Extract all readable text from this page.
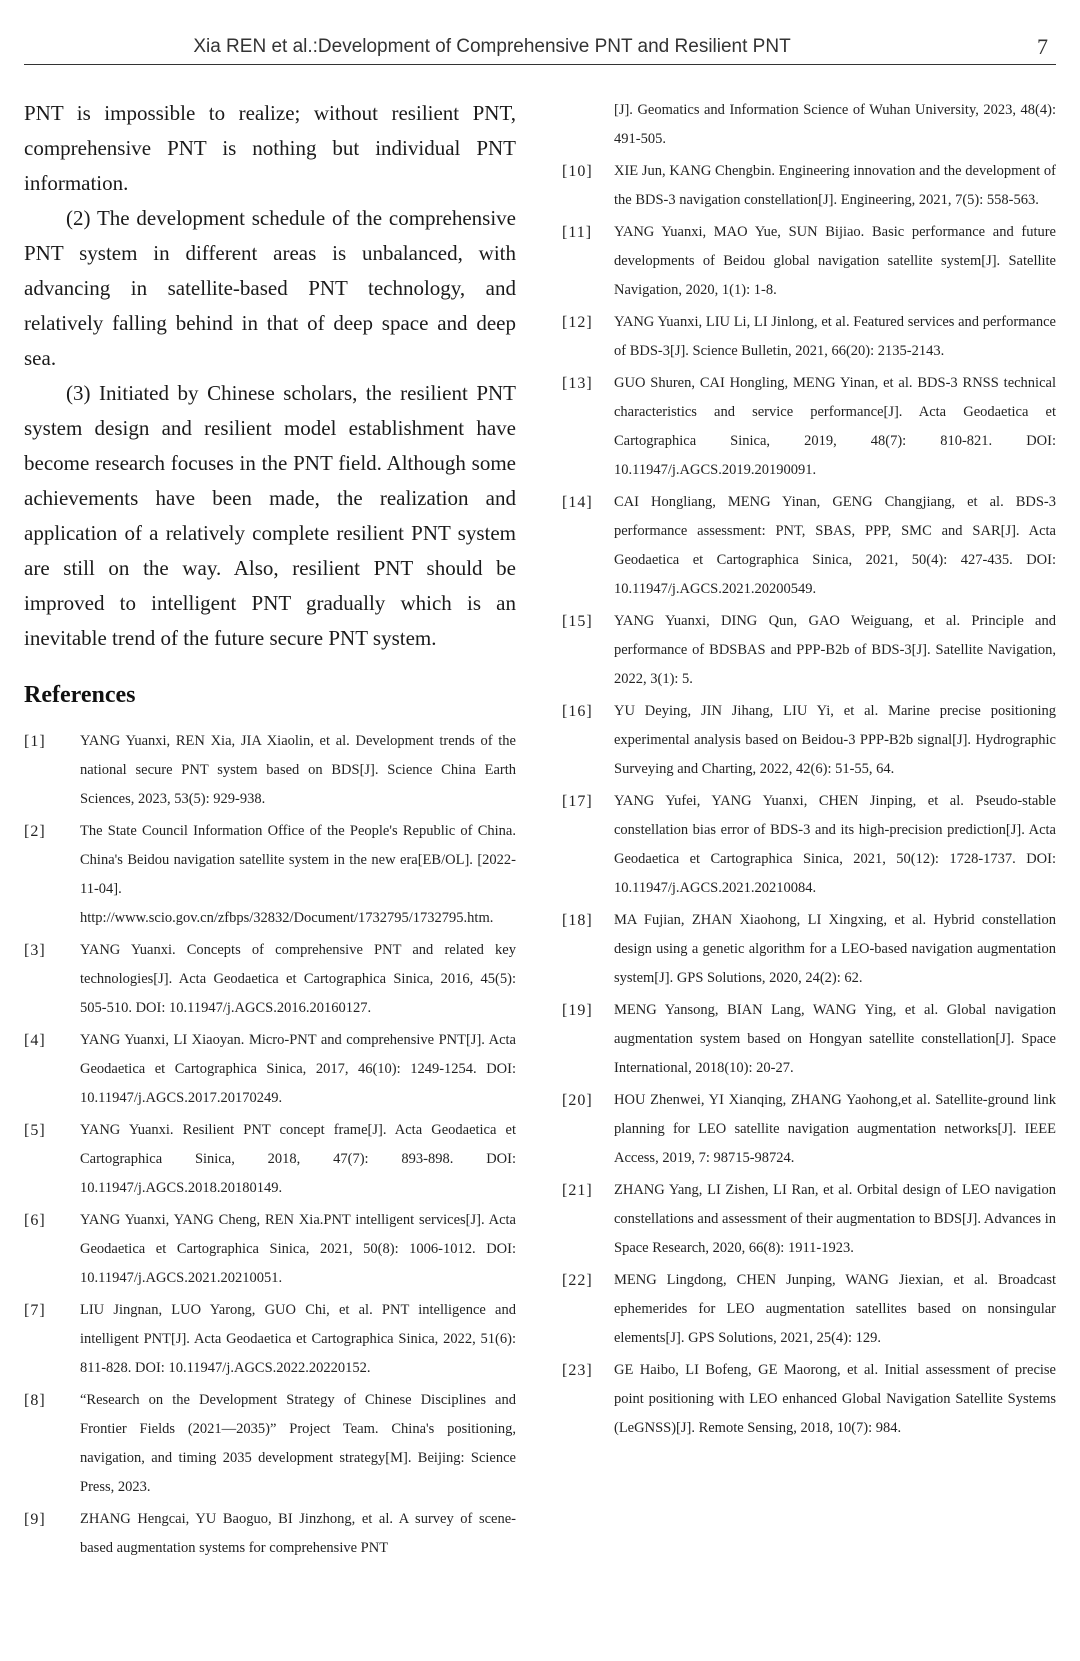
Xia REN et al.:Development of Comprehensive PNT and Resilient PNT	7

PNT is impossible to realize; without resilient PNT, comprehensive PNT is nothing but individual PNT information.

(2) The development schedule of the comprehensive PNT system in different areas is unbalanced, with advancing in satellite-based PNT technology, and relatively falling behind in that of deep space and deep sea.

(3) Initiated by Chinese scholars, the resilient PNT system design and resilient model establishment have become research focuses in the PNT field. Although some achievements have been made, the realization and application of a relatively complete resilient PNT system are still on the way. Also, resilient PNT should be improved to intelligent PNT gradually which is an inevitable trend of the future secure PNT system.

References
[1]	YANG Yuanxi, REN Xia, JIA Xiaolin, et al. Development trends of the national secure PNT system based on BDS[J]. Science China Earth Sciences, 2023, 53(5): 929-938.
[2]	The State Council Information Office of the People's Republic of China. China's Beidou navigation satellite system in the new era[EB/OL]. [2022-11-04]. http://www.scio.gov.cn/zfbps/32832/Document/1732795/1732795.htm.
[3]	YANG Yuanxi. Concepts of comprehensive PNT and related key technologies[J]. Acta Geodaetica et Cartographica Sinica, 2016, 45(5): 505-510. DOI: 10.11947/j.AGCS.2016.20160127.
[4]	YANG Yuanxi, LI Xiaoyan. Micro-PNT and comprehensive PNT[J]. Acta Geodaetica et Cartographica Sinica, 2017, 46(10): 1249-1254. DOI: 10.11947/j.AGCS.2017.20170249.
[5]	YANG Yuanxi. Resilient PNT concept frame[J]. Acta Geodaetica et Cartographica Sinica, 2018, 47(7): 893-898. DOI: 10.11947/j.AGCS.2018.20180149.
[6]	YANG Yuanxi, YANG Cheng, REN Xia.PNT intelligent services[J]. Acta Geodaetica et Cartographica Sinica, 2021, 50(8): 1006-1012. DOI: 10.11947/j.AGCS.2021.20210051.
[7]	LIU Jingnan, LUO Yarong, GUO Chi, et al. PNT intelligence and intelligent PNT[J]. Acta Geodaetica et Cartographica Sinica, 2022, 51(6): 811-828. DOI: 10.11947/j.AGCS.2022.20220152.
[8]	“Research on the Development Strategy of Chinese Disciplines and Frontier Fields (2021—2035)” Project Team. China's positioning, navigation, and timing 2035 development strategy[M]. Beijing: Science Press, 2023.
[9]	ZHANG Hengcai, YU Baoguo, BI Jinzhong, et al. A survey of scene-based augmentation systems for comprehensive PNT
[J]. Geomatics and Information Science of Wuhan University, 2023, 48(4): 491-505.
[10]	XIE Jun, KANG Chengbin. Engineering innovation and the development of the BDS-3 navigation constellation[J]. Engineering, 2021, 7(5): 558-563.
[11]	YANG Yuanxi, MAO Yue, SUN Bijiao. Basic performance and future developments of Beidou global navigation satellite system[J]. Satellite Navigation, 2020, 1(1): 1-8.
[12]	YANG Yuanxi, LIU Li, LI Jinlong, et al. Featured services and performance of BDS-3[J]. Science Bulletin, 2021, 66(20): 2135-2143.
[13]	GUO Shuren, CAI Hongling, MENG Yinan, et al. BDS-3 RNSS technical characteristics and service performance[J]. Acta Geodaetica et Cartographica Sinica, 2019, 48(7): 810-821. DOI: 10.11947/j.AGCS.2019.20190091.
[14]	CAI Hongliang, MENG Yinan, GENG Changjiang, et al. BDS-3 performance assessment: PNT, SBAS, PPP, SMC and SAR[J]. Acta Geodaetica et Cartographica Sinica, 2021, 50(4): 427-435. DOI: 10.11947/j.AGCS.2021.20200549.
[15]	YANG Yuanxi, DING Qun, GAO Weiguang, et al. Principle and performance of BDSBAS and PPP-B2b of BDS-3[J]. Satellite Navigation, 2022, 3(1): 5.
[16]	YU Deying, JIN Jihang, LIU Yi, et al. Marine precise positioning experimental analysis based on Beidou-3 PPP-B2b signal[J]. Hydrographic Surveying and Charting, 2022, 42(6): 51-55, 64.
[17]	YANG Yufei, YANG Yuanxi, CHEN Jinping, et al. Pseudo-stable constellation bias error of BDS-3 and its high-precision prediction[J]. Acta Geodaetica et Cartographica Sinica, 2021, 50(12): 1728-1737. DOI: 10.11947/j.AGCS.2021.20210084.
[18]	MA Fujian, ZHAN Xiaohong, LI Xingxing, et al. Hybrid constellation design using a genetic algorithm for a LEO-based navigation augmentation system[J]. GPS Solutions, 2020, 24(2): 62.
[19]	MENG Yansong, BIAN Lang, WANG Ying, et al. Global navigation augmentation system based on Hongyan satellite constellation[J]. Space International, 2018(10): 20-27.
[20]	HOU Zhenwei, YI Xianqing, ZHANG Yaohong,et al. Satellite-ground link planning for LEO satellite navigation augmentation networks[J]. IEEE Access, 2019, 7: 98715-98724.
[21]	ZHANG Yang, LI Zishen, LI Ran, et al. Orbital design of LEO navigation constellations and assessment of their augmentation to BDS[J]. Advances in Space Research, 2020, 66(8): 1911-1923.
[22]	MENG Lingdong, CHEN Junping, WANG Jiexian, et al. Broadcast ephemerides for LEO augmentation satellites based on nonsingular elements[J]. GPS Solutions, 2021, 25(4): 129.
[23]	GE Haibo, LI Bofeng, GE Maorong, et al. Initial assessment of precise point positioning with LEO enhanced Global Navigation Satellite Systems (LeGNSS)[J]. Remote Sensing, 2018, 10(7): 984.
